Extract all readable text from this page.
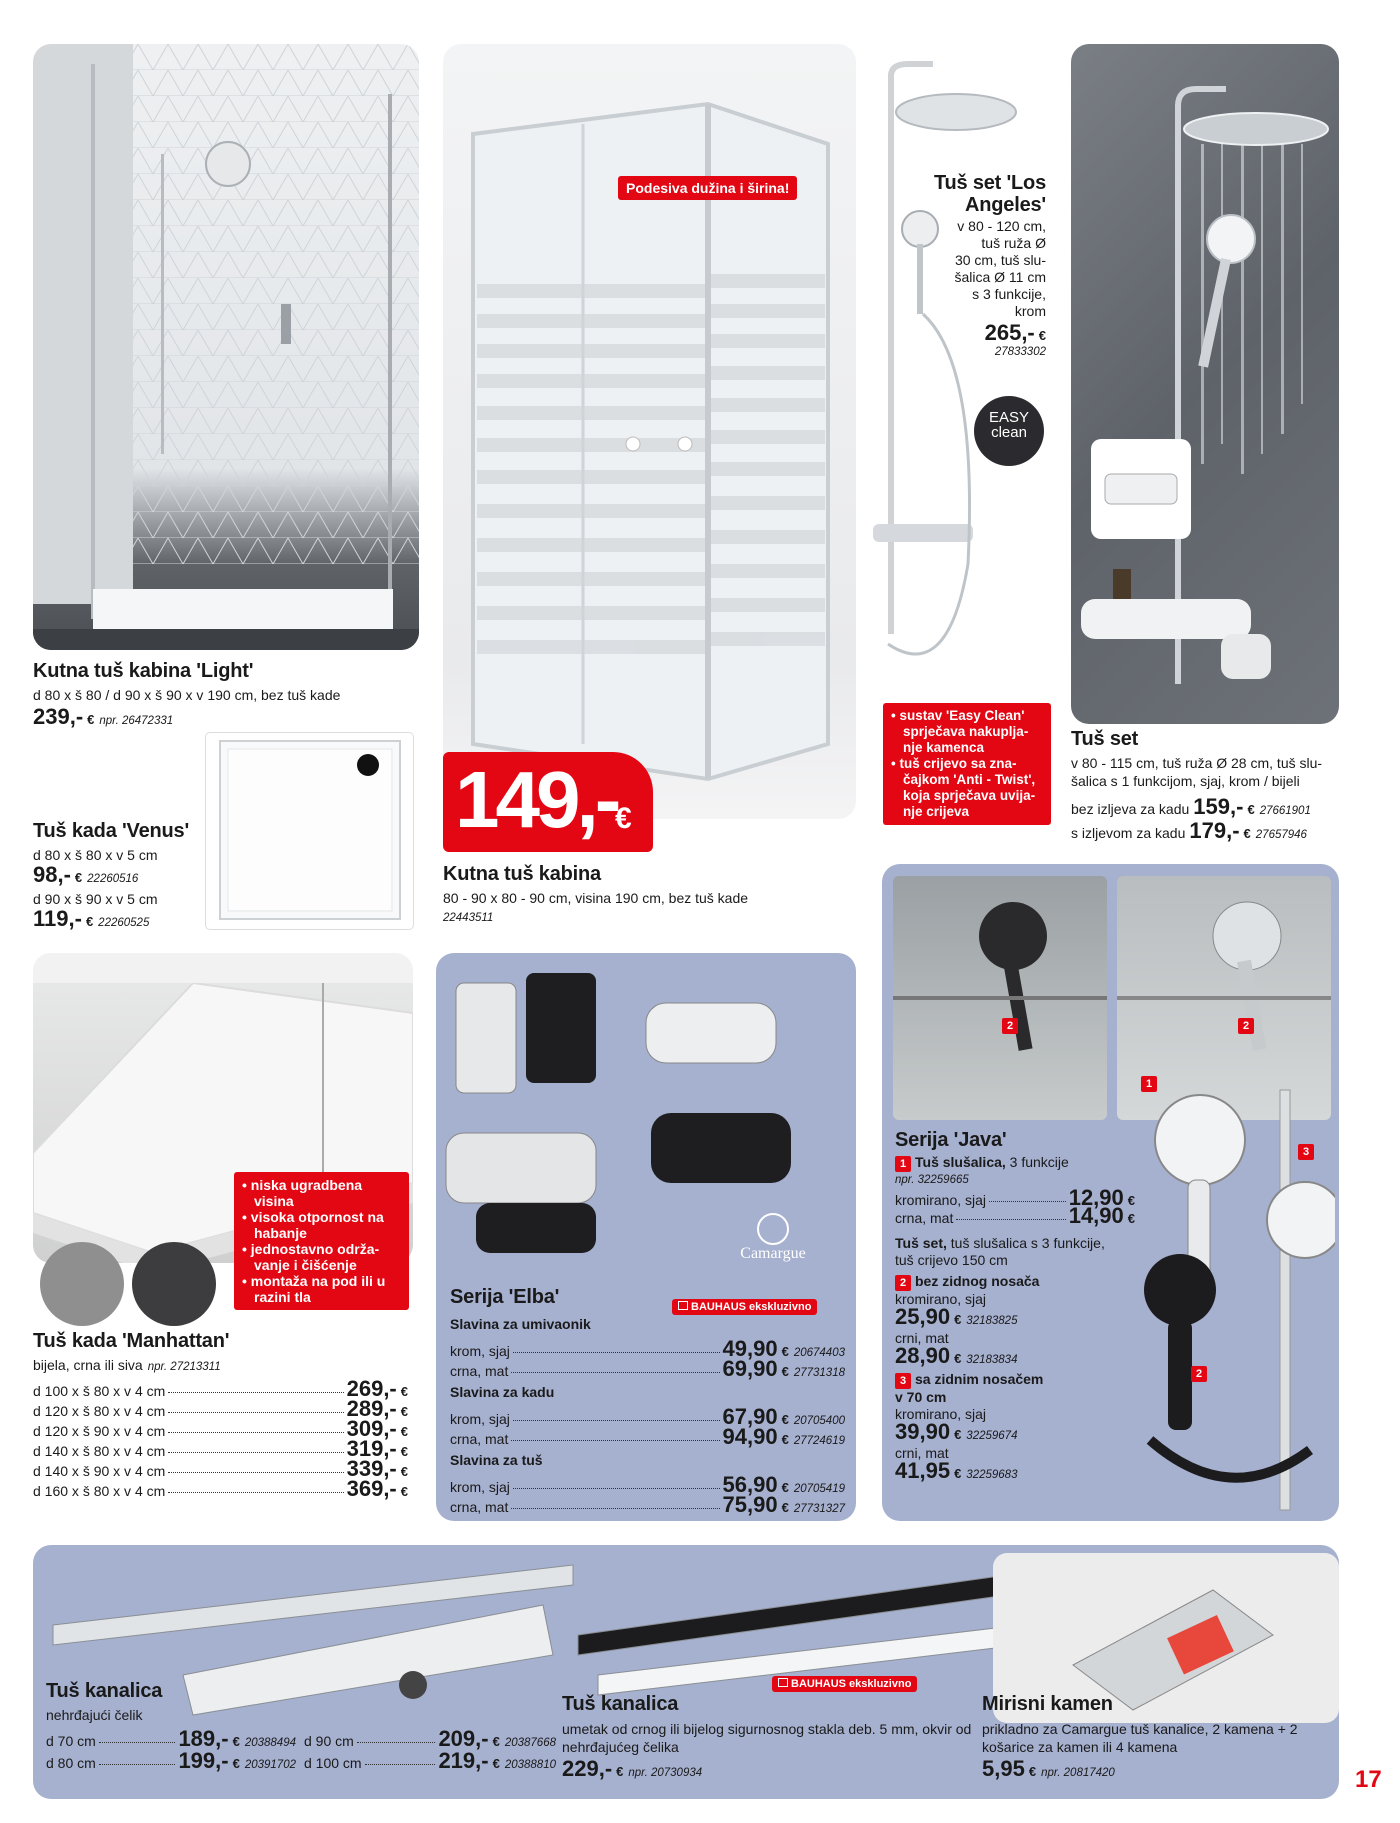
Kutna tuš kabina 'Light'
d 80 x š 80 / d 90 x š 90 x v 190 cm, bez tuš kade
239,- € npr. 26472331
Tuš kada 'Venus'
d 80 x š 80 x v 5 cm
98,- € 22260516
d 90 x š 90 x v 5 cm
119,- € 22260525
Podesiva dužina i širina!
149,-
€
Kutna tuš kabina
80 - 90 x 80 - 90 cm, visina 190 cm, bez tuš kade
22443511
Tuš set 'Los
Angeles'
v 80 - 120 cm,
tuš ruža Ø
30 cm, tuš slu-
šalica Ø 11 cm
s 3 funkcije,
krom
265,- €
27833302
EASY
clean
• sustav 'Easy Clean' sprječava nakuplja-nje kamenca
• tuš crijevo sa zna-čajkom 'Anti - Twist', koja sprječava uvija-nje crijeva
Tuš set
v 80 - 115 cm, tuš ruža Ø 28 cm, tuš slu-šalica s 1 funkcijom, sjaj, krom / bijeli
bez izljeva za kadu 159,- € 27661901
s izljevom za kadu 179,- € 27657946
• niska ugradbena visina
• visoka otpornost na habanje
• jednostavno održa-vanje i čišćenje
• montaža na pod ili u razini tla
Tuš kada 'Manhattan'
bijela, crna ili siva npr. 27213311
d 100 x š 80 x v 4 cm	269,- €
d 120 x š 80 x v 4 cm	289,- €
d 120 x š 90 x v 4 cm	309,- €
d 140 x š 80 x v 4 cm	319,- €
d 140 x š 90 x v 4 cm	339,- €
d 160 x š 80 x v 4 cm	369,- €
Camargue
Serija 'Elba'	BAUHAUS ekskluzivno
Slavina za umivaonik
krom, sjaj	49,90 € 20674403
crna, mat	69,90 € 27731318
Slavina za kadu
krom, sjaj	67,90 € 20705400
crna, mat	94,90 € 27724619
Slavina za tuš
krom, sjaj	56,90 € 20705419
crna, mat	75,90 € 27731327
2	2
1
3
2
Serija 'Java'
1 Tuš slušalica, 3 funkcije
npr. 32259665
kromirano, sjaj	12,90 €
crna, mat	14,90 €
Tuš set, tuš slušalica s 3 funkcije,
tuš crijevo 150 cm
2 bez zidnog nosača
kromirano, sjaj
25,90 € 32183825
crni, mat
28,90 € 32183834
3 sa zidnim nosačem
v 70 cm
kromirano, sjaj
39,90 € 32259674
crni, mat
41,95 € 32259683
Tuš kanalica
nehrđajući čelik
d 70 cm	189,- € 20388494 d 90 cm	209,- € 20387668
d 80 cm	199,- € 20391702 d 100 cm	219,- € 20388810
BAUHAUS ekskluzivno
Tuš kanalica
umetak od crnog ili bijelog sigurnosnog stakla deb. 5 mm, okvir od nehrđajućeg čelika
229,- € npr. 20730934
Mirisni kamen
prikladno za Camargue tuš kanalice, 2 kamena + 2 košarice za kamen ili 4 kamena
5,95 € npr. 20817420	17
